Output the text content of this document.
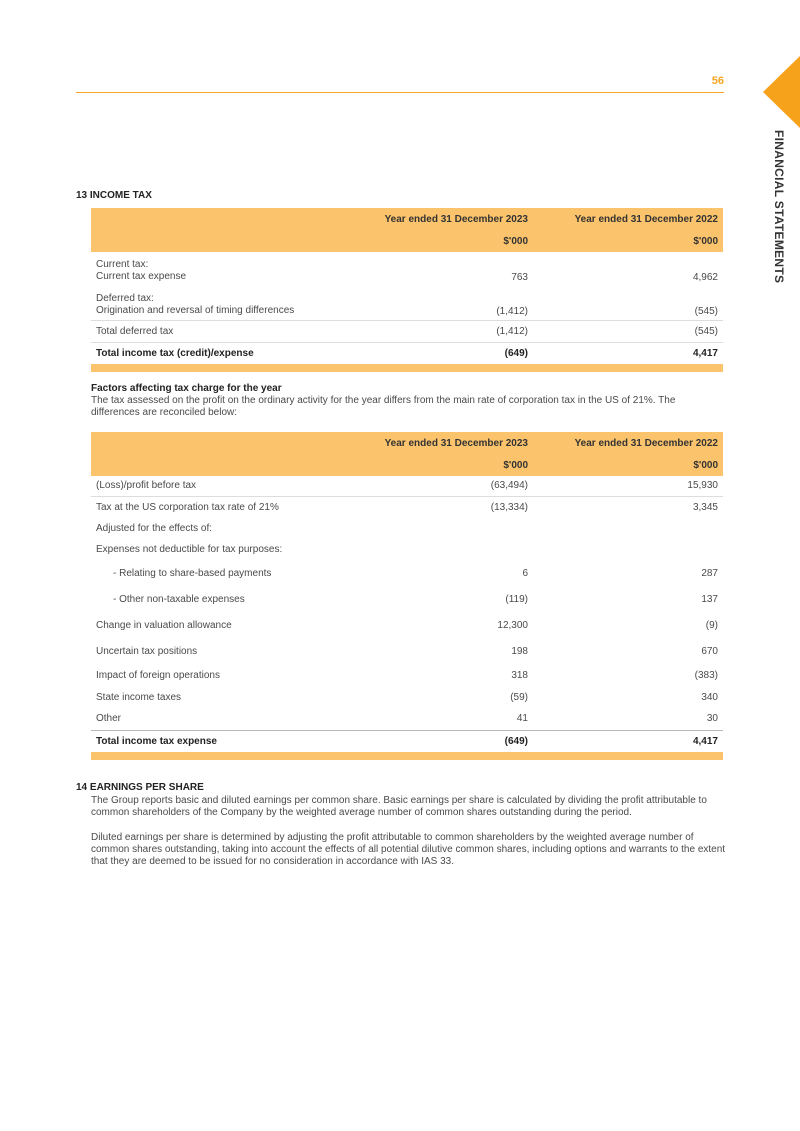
56
FINANCIAL STATEMENTS
13 INCOME TAX
	Year ended 31 December 2023	Year ended 31 December 2022
	$'000	$'000

Current tax:
Current tax expense	763	4,962

Deferred tax:
Origination and reversal of timing differences	(1,412)	(545)
Total deferred tax	(1,412)	(545)
Total income tax (credit)/expense	(649)	4,417

Factors affecting tax charge for the year
The tax assessed on the profit on the ordinary activity for the year differs from the main rate of corporation tax in the US of 21%. The differences are reconciled below:
	Year ended 31 December 2023	Year ended 31 December 2022
	$'000	$'000
(Loss)/profit before tax	(63,494)	15,930
Tax at the US corporation tax rate of 21%	(13,334)	3,345
Adjusted for the effects of:		
Expenses not deductible for tax purposes:		
- Relating to share-based payments	6	287
- Other non-taxable expenses	(119)	137
Change in valuation allowance	12,300	(9)
Uncertain tax positions	198	670
Impact of foreign operations	318	(383)
State income taxes	(59)	340
Other	41	30
Total income tax expense	(649)	4,417

14 EARNINGS PER SHARE
The Group reports basic and diluted earnings per common share. Basic earnings per share is calculated by dividing the profit attributable to common shareholders of the Company by the weighted average number of common shares outstanding during the period.
Diluted earnings per share is determined by adjusting the profit attributable to common shareholders by the weighted average number of common shares outstanding, taking into account the effects of all potential dilutive common shares, including options and warrants to the extent that they are deemed to be issued for no consideration in accordance with IAS 33.
